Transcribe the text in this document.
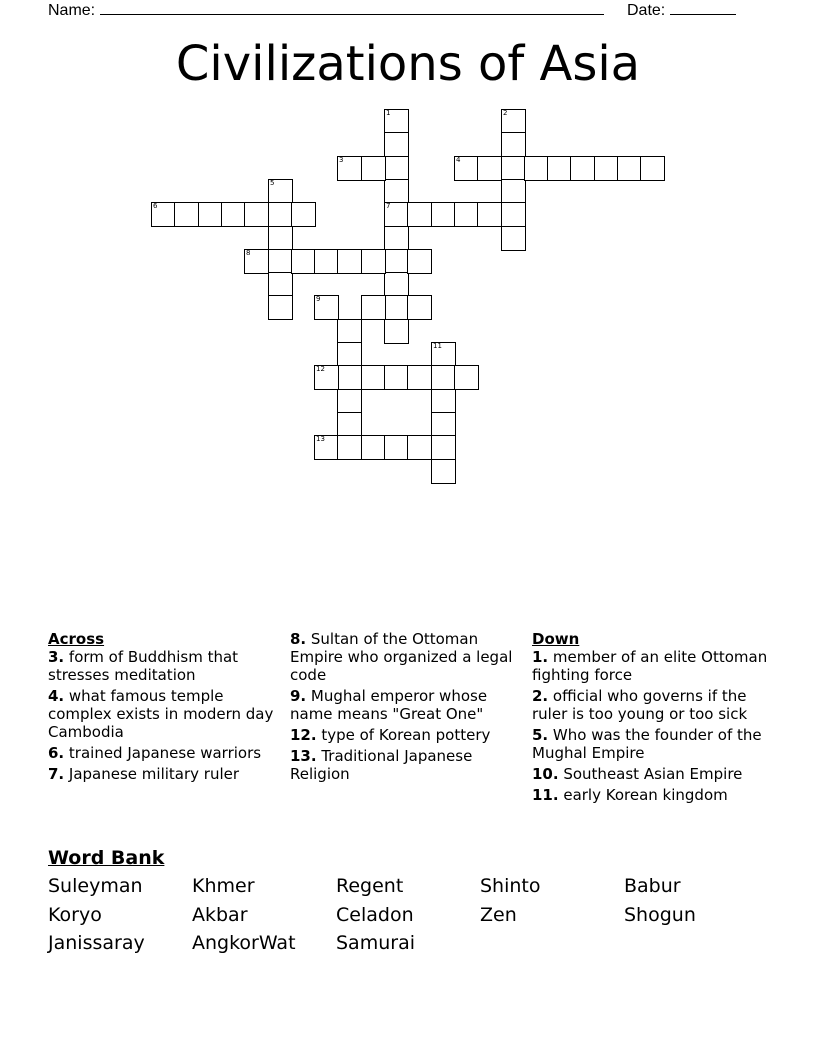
Name:	Date:
Civilizations of Asia
1
7
2
3	4
5
6
8
9
11
12
13

Across

3. form of Buddhism that stresses meditation

4. what famous temple complex exists in modern day Cambodia

6. trained Japanese warriors

7. Japanese military ruler

8. Sultan of the Ottoman Empire who organized a legal code

9. Mughal emperor whose name means "Great One"

12. type of Korean pottery

13. Traditional Japanese Religion

Down

1. member of an elite Ottoman fighting force

2. official who governs if the ruler is too young or too sick

5. Who was the founder of the Mughal Empire

10. Southeast Asian Empire

11. early Korean kingdom

Word Bank

Suleyman	Khmer	Regent	Shinto	Babur
Koryo	Akbar	Celadon	Zen	Shogun
Janissaray	AngkorWat	Samurai
